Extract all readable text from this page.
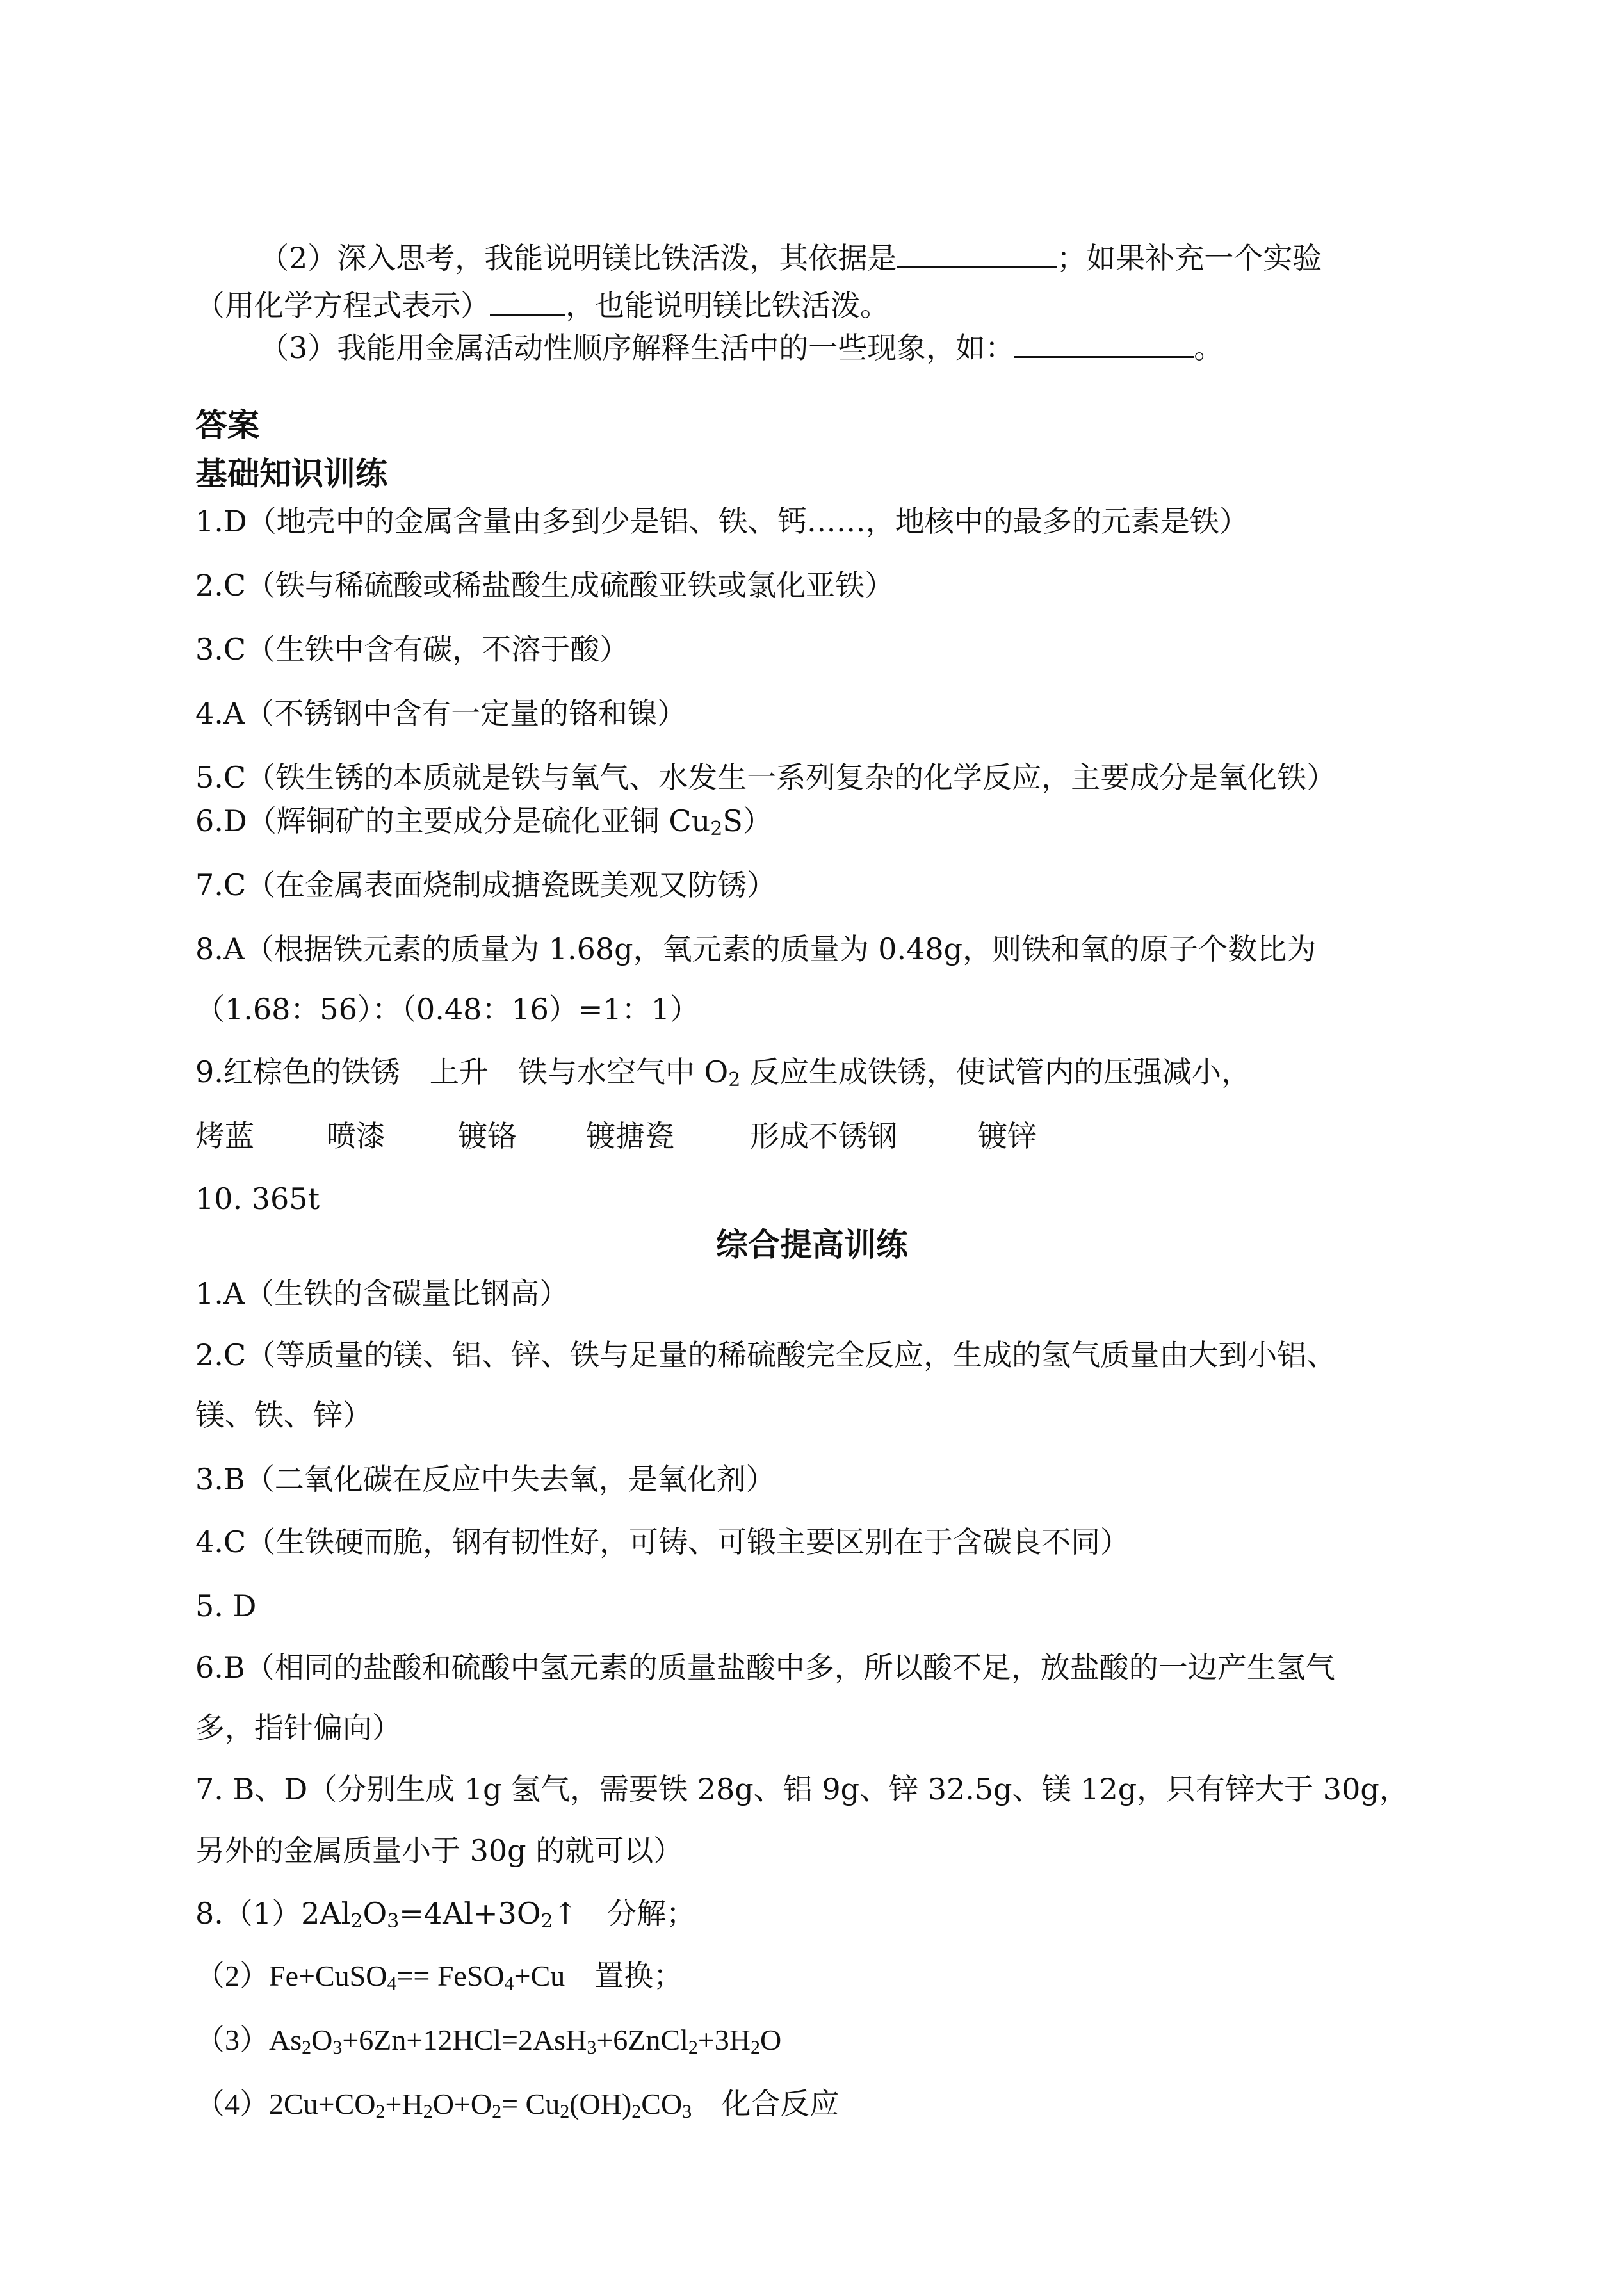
（2）深入思考，我能说明镁比铁活泼，其依据是	；如果补充一个实验
（用化学方程式表示）	，也能说明镁比铁活泼。
（3）我能用金属活动性顺序解释生活中的一些现象，如：	。
答案
基础知识训练
1.D（地壳中的金属含量由多到少是铝、铁、钙……，地核中的最多的元素是铁）
2.C（铁与稀硫酸或稀盐酸生成硫酸亚铁或氯化亚铁）
3.C（生铁中含有碳，不溶于酸）
4.A（不锈钢中含有一定量的铬和镍）
5.C（铁生锈的本质就是铁与氧气、水发生一系列复杂的化学反应，主要成分是氧化铁）
6.D（辉铜矿的主要成分是硫化亚铜 $Cu_2S$）
7.C（在金属表面烧制成搪瓷既美观又防锈）
8.A（根据铁元素的质量为 1.68g，氧元素的质量为 0.48g，则铁和氧的原子个数比为
（1.68：56）：（0.48：16）=1：1）
9.红棕色的铁锈　上升　铁与水空气中 $O_2$ 反应生成铁锈，使试管内的压强减小，
烤蓝 喷漆 镀铬 镀搪瓷	形成不锈钢	镀锌
10. 365t
综合提高训练
1.A（生铁的含碳量比钢高）
2.C（等质量的镁、铝、锌、铁与足量的稀硫酸完全反应，生成的氢气质量由大到小铝、
镁、铁、锌）
3.B（二氧化碳在反应中失去氧，是氧化剂）
4.C（生铁硬而脆，钢有韧性好，可铸、可锻主要区别在于含碳良不同）
5. D
6.B（相同的盐酸和硫酸中氢元素的质量盐酸中多，所以酸不足，放盐酸的一边产生氢气
多，指针偏向）
7. B、D（分别生成 1g 氢气，需要铁 28g、铝 9g、锌 32.5g、镁 12g，只有锌大于 30g，
另外的金属质量小于 30g 的就可以）
$8.(1)2Al_2O_3=4Al+3O_2↑$　分解；
（2）Fe+CuSO$_4$== FeSO$_4$+Cu　置换；
$(3)As_2O_3+6Zn+12HCl=2AsH_3+6ZnCl_2+3H_2O$
$(4)2Cu+CO_2+H_2O+O_2= Cu_2(OH)_2CO_3$　化合反应
